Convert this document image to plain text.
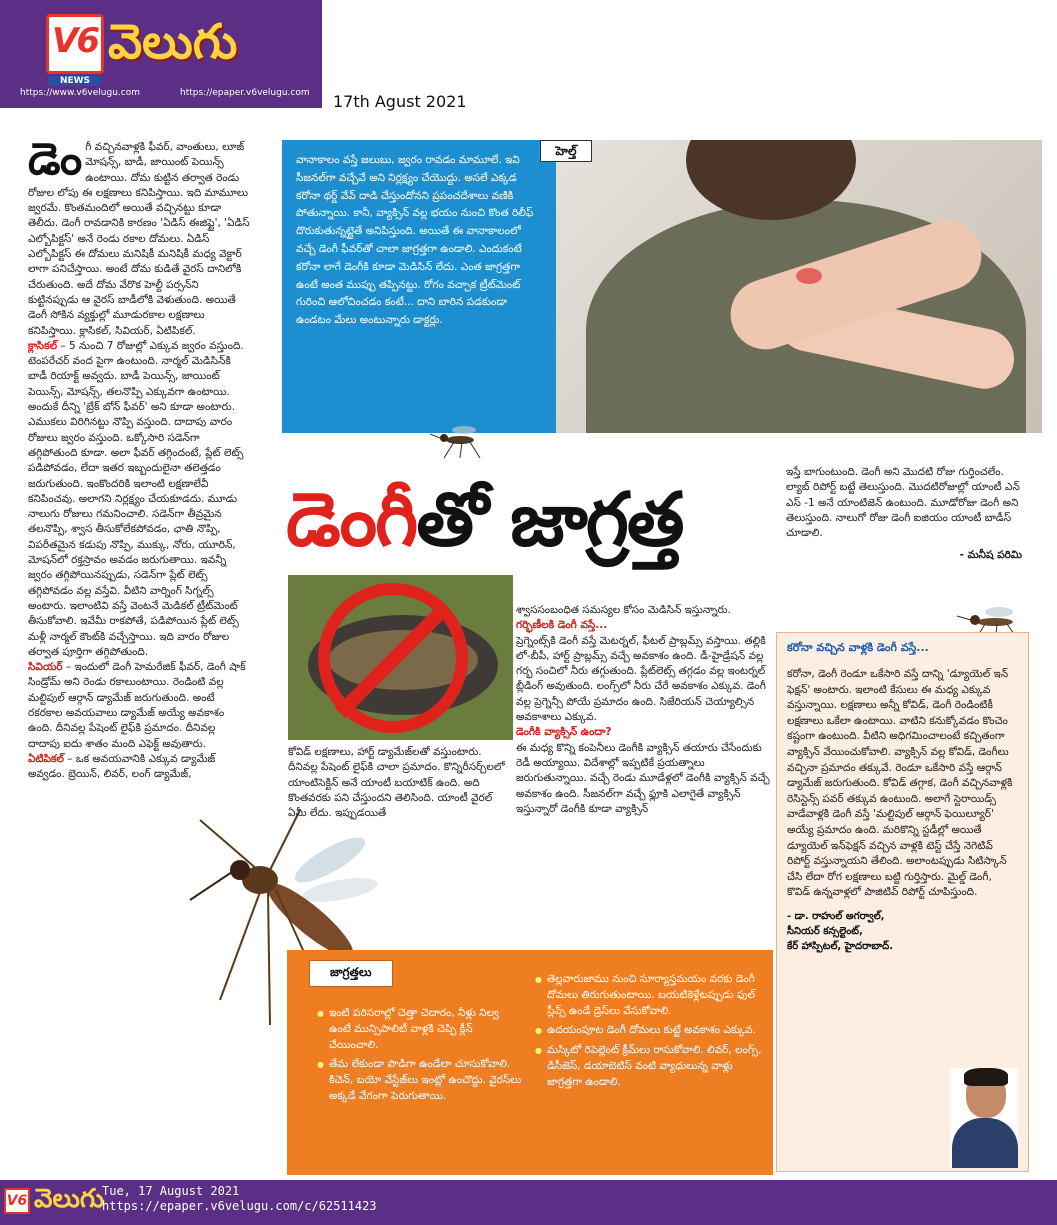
V6
NEWS
వెలుగు
https://www.v6velugu.com	https://epaper.v6velugu.com 17th Agust 2021
డెం గీ వచ్చినవాళ్లకి ఫీవర్, వాంతులు, లూజ్ మోషన్స్, బాడీ, జాయింట్ పెయిన్స్ ఉంటాయి. దోమ కుట్టిన తర్వాత రెండు రోజుల లోపు ఈ లక్షణాలు కనిపిస్తాయి. ఇది మామూలు జ్వరమే. కొంతమందిలో అయితే వచ్చినట్టు కూడా తెలీదు. డెంగీ రావడానికి కారణం 'ఏడిస్ ఈజిప్టై', 'ఏడిస్ ఎల్బోపిక్టస్' అనే రెండు రకాల దోమలు. ఏడిస్ ఎల్బోపిక్టస్ ఈ దోమలు మనిషికీ మనిషికీ మధ్య వెక్టార్​లాగా పనిచేస్తాయి. అంటే దోమ కుడితే వైరస్ దానిలోకి చేరుతుంది. అదే దోమ వేరొక హెల్దీ పర్సన్​ని కుట్టినప్పుడు ఆ వైరస్ బాడీలోకి వెళుతుంది. అయితే డెంగీ సోకిన వ్యక్తుల్లో మూడురకాల లక్షణాలు కనిపిస్తాయి. క్లాసికల్, సివియర్, ఏటిపికల్.
క్లాసికల్ – 5 నుంచి 7 రోజుల్లో ఎక్కువ జ్వరం వస్తుంది. టెంపరేచర్ వంద పైగా ఉంటుంది. నార్మల్ మెడిసిన్​కి బాడీ రియాక్ట్ అవ్వదు. బాడీ పెయిన్స్, జాయింట్ పెయిన్స్, మోషన్స్, తలనొప్పి ఎక్కువగా ఉంటాయి. అందుకే దీన్ని 'బ్రేక్ బోన్ ఫీవర్' అని కూడా అంటారు. ఎముకలు విరిగినట్టు నొప్పి వస్తుంది. దాదాపు వారం రోజులు జ్వరం వస్తుంది. ఒక్కోసారి సడెన్​గా తగ్గిపోతుంది కూడా. అలా ఫీవర్ తగ్గిందంటే, ప్లేట్ లెట్స్ పడిపోవడం, లేదా ఇతర ఇబ్బందులైనా తలెత్తడం జరుగుతుంది. ఇంకొందరికి ఇలాంటి లక్షణాలేవీ కనిపించవు. అలాగని నిర్లక్ష్యం చేయకూడదు. మూడు నాలుగు రోజులు గమనించాలి. సడెన్​గా తీవ్రమైన తలనొప్పి, శ్వాస తీసుకోలేకపోవడం, ఛాతి నొప్పి, విపరీతమైన కడుపు నొప్పి, ముక్కు, నోరు, యూరిన్, మోషన్​లో రక్తస్రావం అవడం జరుగుతాయి. ఇవన్నీ జ్వరం తగ్గిపోయినప్పుడు, సడెన్​గా ప్లేట్ లెట్స్ తగ్గిపోవడం వల్ల వస్తేవి. వీటిని వార్నింగ్ సిగ్నల్స్ అంటారు. ఇలాంటివి వస్తే వెంటనే మెడికల్ ట్రీట్​మెంట్ తీసుకోవాలి. ఇవేమీ రాకపోతే, పడిపోయిన ప్లేట్ లెట్స్ మళ్లీ నార్మల్ కౌంట్​కి వచ్చేస్తాయి. ఇది వారం రోజుల తర్వాత పూర్తిగా తగ్గిపోతుంది.
సివియర్ – ఇందులో డెంగీ హెమరేజిక్ ఫీవర్, డెంగీ షాక్ సిండ్రోమ్ అని రెండు రకాలుంటాయి. రెండింటి వల్ల మల్టిపుల్ ఆర్గాన్ డ్యామేజ్ జరుగుతుంది. అంటే రకరకాల అవయవాలు డ్యామేజ్ అయ్యే అవకాశం ఉంది. దీనివల్ల పేషెంట్ లైఫ్​కి ప్రమాదం. దీనివల్ల దాదాపు ఐదు శాతం మంది ఎఫెక్ట్ అవుతారు.
ఏటిపికల్ – ఒక అవయవానికి ఎక్కువ డ్యామేజ్ అవ్వడం. బ్రెయిన్, లివర్, లంగ్ డ్యామేజ్,

వానాకాలం వస్తే జలుబు, జ్వరం రావడం మామూలే. ఇవి సీజనల్​గా వచ్చేవే అని నిర్లక్ష్యం చేయొద్దు. అసలే ఎక్కడ కరోనా థర్డ్ వేవ్ దాడి చేస్తుందోనని ప్రపంచదేశాలు వణికి పోతున్నాయి. కానీ, వ్యాక్సిన్ వల్ల భయం నుంచి కొంత రిలీఫ్ దొరుకుతున్నట్టైతే అనిపిస్తుంది. అయితే ఈ వానాకాలంలో వచ్చే డెంగీ ఫీవర్​తో చాలా జాగ్రత్తగా ఉండాలి. ఎందుకంటే కరోనా లాగే డెంగీకి కూడా మెడిసిన్ లేదు. ఎంత జాగ్రత్తగా ఉంటే అంత ముప్పు తప్పినట్టు. రోగం వచ్చాక ట్రీట్​మెంట్ గురించి ఆలోచించడం కంటే... దాని బారిన పడకుండా ఉండటం మేలు అంటున్నారు డాక్టర్లు.

హెల్త్
డెంగీతో జాగ్రత్త

ఇస్తే బాగుంటుంది. డెంగీ అని మొదటి రోజు గుర్తించలేం. ల్యాబ్ రిపోర్ట్ బట్టే తెలుస్తుంది. మొదటిరోజుల్లో యాంటీ ఎన్​ఎస్ -1 అనే యాంటిజెన్ ఉంటుంది. మూడోరోజు డెంగీ అని తెలుస్తుంది. నాలుగో రోజు డెంగీ ఐజియం యాంటీ బాడీస్ చూడాలి.

- మనీష పరిమి

శ్వాససంబంధిత సమస్యల కోసం మెడిసిన్ ఇస్తున్నారు.

గర్భిణీలకి డెంగీ వస్తే...

ప్రెగ్నెంట్స్​కి డెంగీ వస్తే మెటర్నల్, ఫీటల్ ప్రాబ్లమ్స్ వస్తాయి. తల్లికి లో-బీపీ, హార్ట్ ప్రాబ్లమ్స్ వచ్చే అవకాశం ఉంది. డీ-హైడ్రేషన్ వల్ల గర్భ సంచిలో నీరు తగ్గుతుంది. ప్లేట్​లెట్స్ తగ్గడం వల్ల ఇంటర్నల్ బ్లీడింగ్ అవుతుంది. లంగ్స్​లో నీరు చేరే అవకాశం ఎక్కువ. డెంగీ వల్ల ప్రెగ్నెన్సీ పోయే ప్రమాదం ఉంది. సిజేరియన్ చెయ్యాల్సిన అవకాశాలు ఎక్కువ.

డెంగీకి వ్యాక్సిన్ ఉందా?

ఈ మధ్య కొన్ని కంపెనీలు డెంగీకి వ్యాక్సిన్ తయారు చేసేందుకు రెడీ అయ్యాయి. విదేశాల్లో ఇప్పటికే ప్రయత్నాలు జరుగుతున్నాయి. వచ్చే రెండు మూడేళ్లలో డెంగీకి వ్యాక్సిన్ వచ్చే అవకాశం ఉంది. సీజనల్​గా వచ్చే ఫ్లూకి ఎలాగైతే వ్యాక్సిన్ ఇస్తున్నారో డెంగీకి కూడా వ్యాక్సిన్

కోవిడ్ లక్షణాలు, హార్ట్ డ్యామేజ్​లతో వస్తుంటారు. దీనివల్ల పేషెంట్ లైఫ్​కి చాలా ప్రమాదం. కొన్నిరీసర్చ్​లలో యాంటిసెక్టిన్ అనే యాంటీ బయాటిక్ ఉంది. అది కొంతవరకు పని చేస్తుందని తెలిసింది. యాంటీ వైరల్ ఏమీ లేదు. ఇప్పుడయితే

జాగ్రత్తలు
● ఇంటి పరిసరాల్లో చెత్తా చెదారం, నీళ్లు నిల్వ ఉంటే మున్సిపాలిటీ వాళ్లకి చెప్పి క్లీన్ చేయించాలి.
● తేమ లేకుండా పొడిగా ఉండేలా చూసుకోవాలి. కిచెన్, బయో వేస్టేజ్​లు ఇంట్లో ఉంచొద్దు. వైరస్​లు అక్కడే వేగంగా పెరుగుతాయి.
● తెల్లవారుజాము నుంచి సూర్యాస్తమయం వరకు డెంగీ దోమలు తిరుగుతుంటాయి. బయటికెళ్లేటప్పుడు ఫుల్ స్లీవ్స్ ఉండే డ్రెస్​లు వేసుకోవాలి.
● ఉదయంపూట డెంగీ దోమలు కుట్టే అవకాశం ఎక్కువ.
● మస్కిటో రిపెల్లెంట్ క్రీమ్​లు రాసుకోవాలి. లివర్, లంగ్స్, డిసీజెస్, డయాబెటిస్ వంటి వ్యాధులున్న వాళ్లు జాగ్రత్తగా ఉండాలి.

కరోనా వచ్చిన వాళ్లకి డెంగీ వస్తే...

కరోనా, డెంగీ రెండూ ఒకేసారి వస్తే దాన్ని 'డ్యూయెల్ ఇన్​ఫెక్షన్' అంటారు. ఇలాంటి కేసులు ఈ మధ్య ఎక్కువ వస్తున్నాయి. లక్షణాలు అన్నీ కోవిడ్, డెంగీ రెండింటికీ లక్షణాలు ఒకేలా ఉంటాయి. వాటిని కనుక్కోవడం కొంచెం కష్టంగా ఉంటుంది. వీటిని అధిగమించాలంటే కచ్చితంగా వ్యాక్సిన్ వేయించుకోవాలి. వ్యాక్సిన్ వల్ల కోవిడ్, డెంగీలు వచ్చినా ప్రమాదం తక్కువే. రెండూ ఒకేసారి వస్తే ఆర్గాన్ డ్యామేజ్ జరుగుతుంది. కోవిడ్ తగ్గాక, డెంగీ వచ్చినవాళ్లకి రెసిస్టెన్స్ పవర్ తక్కువ ఉంటుంది. అలాగే స్టెరాయిడ్స్ వాడేవాళ్లకి డెంగీ వస్తే 'మల్టిపుల్ ఆర్గాన్ ఫెయిల్యూర్' అయ్యే ప్రమాదం ఉంది. మరికొన్ని స్టడీల్లో అయితే డ్యూయెల్ ఇన్​ఫెక్షన్ వచ్చిన వాళ్లకి టెస్ట్ చేస్తే నెగెటివ్ రిపోర్ట్ వస్తున్నాయని తేలింది. అలాంటప్పుడు సిటిస్కాన్ చేసి లేదా రోగ లక్షణాలు బట్టి గుర్తిస్తారు. మైల్డ్ డెంగీ, కొవిడ్ ఉన్నవాళ్లలో పాజిటివ్ రిపోర్ట్ చూపిస్తుంది.

- డా. రాహుల్ అగర్వాల్,
సీనియర్ కన్సల్టెంట్,
కేర్ హాస్పిటల్, హైదరాబాద్.
V6 వెలుగు
Tue, 17 August 2021
https://epaper.v6velugu.com/c/62511423
